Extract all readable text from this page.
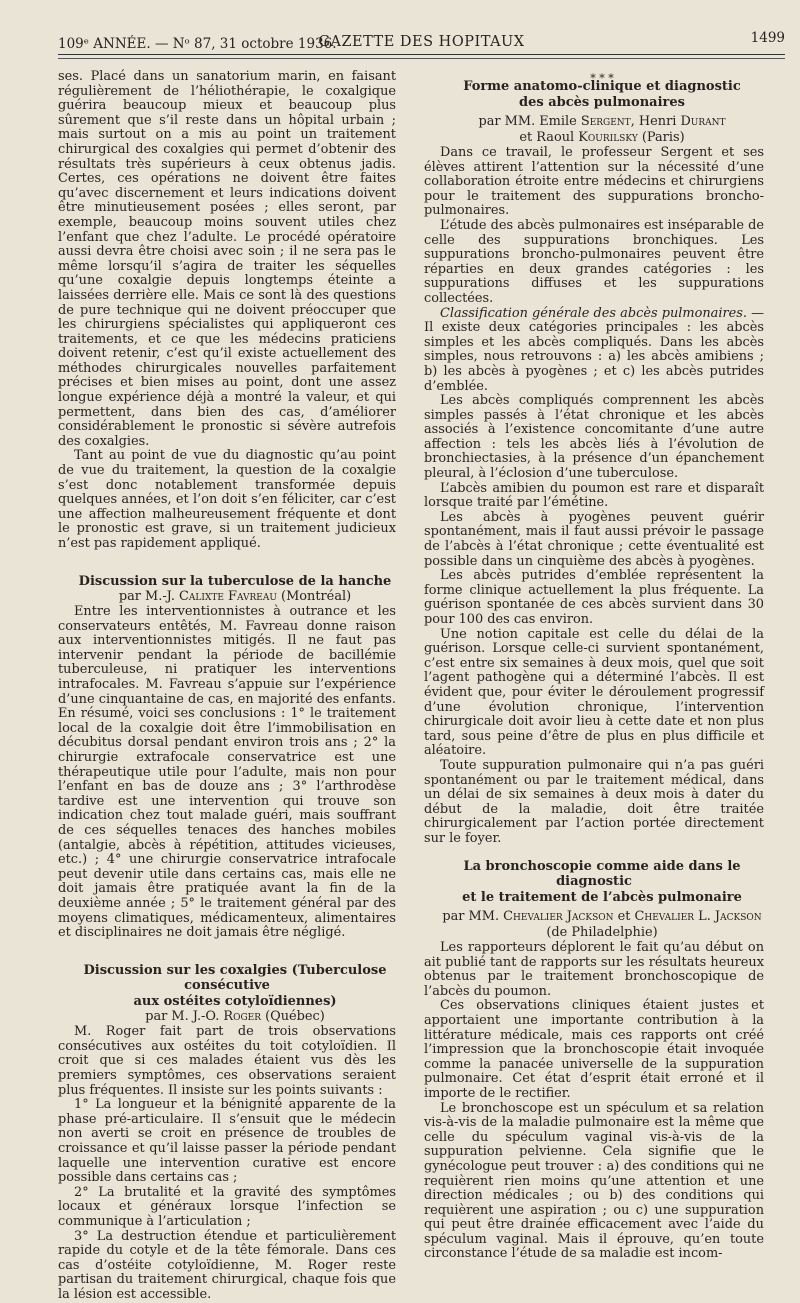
109ᵉ ANNÉE. — Nᵒ 87, 31 octobre 1936.
GAZETTE DES HOPITAUX	1499

ses. Placé dans un sanatorium marin, en faisant régulièrement de l’héliothérapie, le coxalgique guérira beaucoup mieux et beaucoup plus sûrement que s’il reste dans un hôpital urbain ; mais surtout on a mis au point un traitement chirurgical des coxalgies qui permet d’obtenir des résultats très supérieurs à ceux obtenus jadis. Certes, ces opérations ne doivent être faites qu’avec discernement et leurs indications doivent être minutieusement posées ; elles seront, par exemple, beaucoup moins souvent utiles chez l’enfant que chez l’adulte. Le procédé opératoire aussi devra être choisi avec soin ; il ne sera pas le même lorsqu’il s’agira de traiter les séquelles qu’une coxalgie depuis longtemps éteinte a laissées derrière elle. Mais ce sont là des questions de pure technique qui ne doivent préoccuper que les chirurgiens spécialistes qui appliqueront ces traitements, et ce que les médecins praticiens doivent retenir, c’est qu’il existe actuellement des méthodes chirurgicales nouvelles parfaitement précises et bien mises au point, dont une assez longue expérience déjà a montré la valeur, et qui permettent, dans bien des cas, d’améliorer considérablement le pronostic si sévère autrefois des coxalgies.

Tant au point de vue du diagnostic qu’au point de vue du traitement, la question de la coxalgie s’est donc notablement transformée depuis quelques années, et l’on doit s’en féliciter, car c’est une affection malheureusement fréquente et dont le pronostic est grave, si un traitement judicieux n’est pas rapidement appliqué.

Discussion sur la tuberculose de la hanche

par M.-J. Calixte Favreau (Montréal)

Entre les interventionnistes à outrance et les conservateurs entêtés, M. Favreau donne raison aux interventionnistes mitigés. Il ne faut pas intervenir pendant la période de bacillémie tuberculeuse, ni pratiquer les interventions intrafocales. M. Favreau s’appuie sur l’expérience d’une cinquantaine de cas, en majorité des enfants. En résumé, voici ses conclusions : 1° le traitement local de la coxalgie doit être l’immobilisation en décubitus dorsal pendant environ trois ans ; 2° la chirurgie extrafocale conservatrice est une thérapeutique utile pour l’adulte, mais non pour l’enfant en bas de douze ans ; 3° l’arthrodèse tardive est une intervention qui trouve son indication chez tout malade guéri, mais souffrant de ces séquelles tenaces des hanches mobiles (antalgie, abcès à répétition, attitudes vicieuses, etc.) ; 4° une chirurgie conservatrice intrafocale peut devenir utile dans certains cas, mais elle ne doit jamais être pratiquée avant la fin de la deuxième année ; 5° le traitement général par des moyens climatiques, médicamenteux, alimentaires et disciplinaires ne doit jamais être négligé.

Discussion sur les coxalgies (Tuberculose consécutive

aux ostéites cotyloïdiennes)

par M. J.-O. Roger (Québec)

M. Roger fait part de trois observations consécutives aux ostéites du toit cotyloïdien. Il croit que si ces malades étaient vus dès les premiers symptômes, ces observations seraient plus fréquentes. Il insiste sur les points suivants :

1° La longueur et la bénignité apparente de la phase pré-articulaire. Il s’ensuit que le médecin non averti se croit en présence de troubles de croissance et qu’il laisse passer la période pendant laquelle une intervention curative est encore possible dans certains cas ;

2° La brutalité et la gravité des symptômes locaux et généraux lorsque l’infection se communique à l’articulation ;

3° La destruction étendue et particulièrement rapide du cotyle et de la tête fémorale. Dans ces cas d’ostéite cotyloïdienne, M. Roger reste partisan du traitement chirurgical, chaque fois que la lésion est accessible.

⁎ ⁎ ⁎

Forme anatomo-clinique et diagnostic

des abcès pulmonaires

par MM. Emile Sergent, Henri Durant

et Raoul Kourilsky (Paris)

Dans ce travail, le professeur Sergent et ses élèves attirent l’attention sur la nécessité d’une collaboration étroite entre médecins et chirurgiens pour le traitement des suppurations broncho-pulmonaires.

L’étude des abcès pulmonaires est inséparable de celle des suppurations bronchiques. Les suppurations broncho-pulmonaires peuvent être réparties en deux grandes catégories : les suppurations diffuses et les suppurations collectées.

Classification générale des abcès pulmonaires. — Il existe deux catégories principales : les abcès simples et les abcès compliqués. Dans les abcès simples, nous retrouvons : a) les abcès amibiens ; b) les abcès à pyogènes ; et c) les abcès putrides d’emblée.

Les abcès compliqués comprennent les abcès simples passés à l’état chronique et les abcès associés à l’existence concomitante d’une autre affection : tels les abcès liés à l’évolution de bronchiectasies, à la présence d’un épanchement pleural, à l’éclosion d’une tuberculose.

L’abcès amibien du poumon est rare et disparaît lorsque traité par l’émétine.

Les abcès à pyogènes peuvent guérir spontanément, mais il faut aussi prévoir le passage de l’abcès à l’état chronique ; cette éventualité est possible dans un cinquième des abcès à pyogènes.

Les abcès putrides d’emblée représentent la forme clinique actuellement la plus fréquente. La guérison spontanée de ces abcès survient dans 30 pour 100 des cas environ.

Une notion capitale est celle du délai de la guérison. Lorsque celle-ci survient spontanément, c’est entre six semaines à deux mois, quel que soit l’agent pathogène qui a déterminé l’abcès. Il est évident que, pour éviter le déroulement progressif d’une évolution chronique, l’intervention chirurgicale doit avoir lieu à cette date et non plus tard, sous peine d’être de plus en plus difficile et aléatoire.

Toute suppuration pulmonaire qui n’a pas guéri spontanément ou par le traitement médical, dans un délai de six semaines à deux mois à dater du début de la maladie, doit être traitée chirurgicalement par l’action portée directement sur le foyer.

La bronchoscopie comme aide dans le diagnostic

et le traitement de l’abcès pulmonaire

par MM. Chevalier Jackson et Chevalier L. Jackson

(de Philadelphie)

Les rapporteurs déplorent le fait qu’au début on ait publié tant de rapports sur les résultats heureux obtenus par le traitement bronchoscopique de l’abcès du poumon.

Ces observations cliniques étaient justes et apportaient une importante contribution à la littérature médicale, mais ces rapports ont créé l’impression que la bronchoscopie était invoquée comme la panacée universelle de la suppuration pulmonaire. Cet état d’esprit était erroné et il importe de le rectifier.

Le bronchoscope est un spéculum et sa relation vis-à-vis de la maladie pulmonaire est la même que celle du spéculum vaginal vis-à-vis de la suppuration pelvienne. Cela signifie que le gynécologue peut trouver : a) des conditions qui ne requièrent rien moins qu’une attention et une direction médicales ; ou b) des conditions qui requièrent une aspiration ; ou c) une suppuration qui peut être drainée efficacement avec l’aide du spéculum vaginal. Mais il éprouve, qu’en toute circonstance l’étude de sa maladie est incom-
